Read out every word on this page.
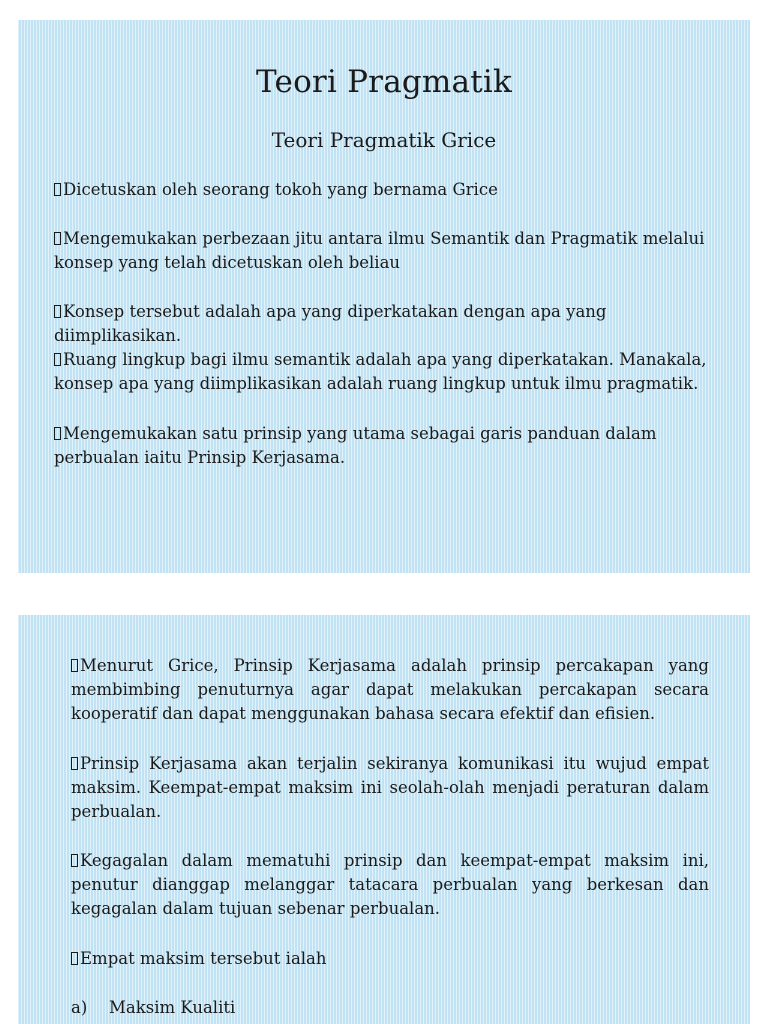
Teori Pragmatik
Teori Pragmatik Grice

Dicetuskan oleh seorang tokoh yang bernama Grice

Mengemukakan perbezaan jitu antara ilmu Semantik dan Pragmatik melalui konsep yang telah dicetuskan oleh beliau

Konsep tersebut adalah apa yang diperkatakan dengan apa yang diimplikasikan.

Ruang lingkup bagi ilmu semantik adalah apa yang diperkatakan. Manakala, konsep apa yang diimplikasikan adalah ruang lingkup untuk ilmu pragmatik.

Mengemukakan satu prinsip yang utama sebagai garis panduan dalam perbualan iaitu Prinsip Kerjasama.

Menurut Grice, Prinsip Kerjasama adalah prinsip percakapan yang membimbing penuturnya agar dapat melakukan percakapan secara kooperatif dan dapat menggunakan bahasa secara efektif dan efisien.

Prinsip Kerjasama akan terjalin sekiranya komunikasi itu wujud empat maksim. Keempat-empat maksim ini seolah-olah menjadi peraturan dalam perbualan.

Kegagalan dalam mematuhi prinsip dan keempat-empat maksim ini, penutur dianggap melanggar tatacara perbualan yang berkesan dan kegagalan dalam tujuan sebenar perbualan.

Empat maksim tersebut ialah

a) Maksim Kualiti
